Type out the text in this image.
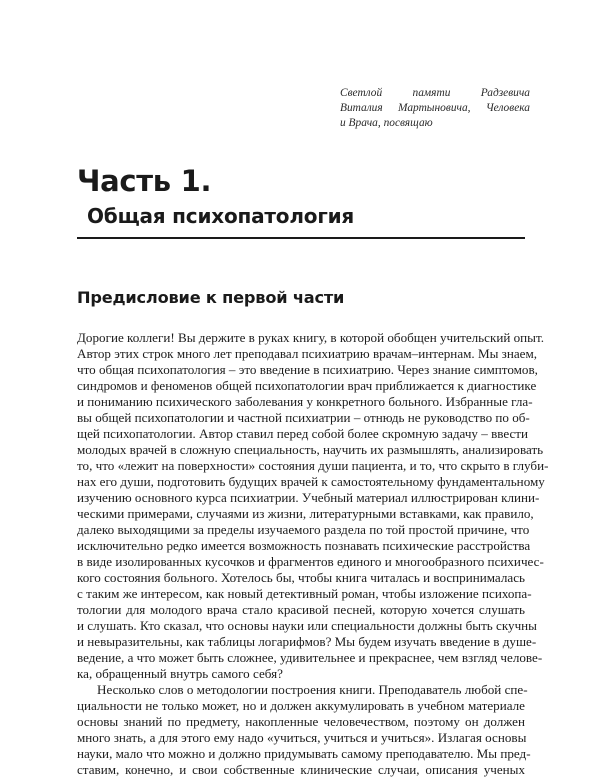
Светлой памяти Радзевича
Виталия Мартыновича, Человека
и Врача, посвящаю
Часть 1.
Общая психопатология
Предисловие к первой части
Дорогие коллеги! Вы держите в руках книгу, в которой обобщен учительский опыт.
Автор этих строк много лет преподавал психиатрию врачам–интернам. Мы знаем,
что общая психопатология – это введение в психиатрию. Через знание симптомов,
синдромов и феноменов общей психопатологии врач приближается к диагностике
и пониманию психического заболевания у конкретного больного. Избранные гла-
вы общей психопатологии и частной психиатрии – отнюдь не руководство по об-
щей психопатологии. Автор ставил перед собой более скромную задачу – ввести
молодых врачей в сложную специальность, научить их размышлять, анализировать
то, что «лежит на поверхности» состояния души пациента, и то, что скрыто в глуби-
нах его души, подготовить будущих врачей к самостоятельному фундаментальному
изучению основного курса психиатрии. Учебный материал иллюстрирован клини-
ческими примерами, случаями из жизни, литературными вставками, как правило,
далеко выходящими за пределы изучаемого раздела по той простой причине, что
исключительно редко имеется возможность познавать психические расстройства
в виде изолированных кусочков и фрагментов единого и многообразного психичес-
кого состояния больного. Хотелось бы, чтобы книга читалась и воспринималась
с таким же интересом, как новый детективный роман, чтобы изложение психопа-
тологии для молодого врача стало красивой песней, которую хочется слушать
и слушать. Кто сказал, что основы науки или специальности должны быть скучны
и невыразительны, как таблицы логарифмов? Мы будем изучать введение в душе-
ведение, а что может быть сложнее, удивительнее и прекраснее, чем взгляд челове-
ка, обращенный внутрь самого себя?
Несколько слов о методологии построения книги. Преподаватель любой спе-
циальности не только может, но и должен аккумулировать в учебном материале
основы знаний по предмету, накопленные человечеством, поэтому он должен
много знать, а для этого ему надо «учиться, учиться и учиться». Излагая основы
науки, мало что можно и должно придумывать самому преподавателю. Мы пред-
ставим, конечно, и свои собственные клинические случаи, описания ученых
